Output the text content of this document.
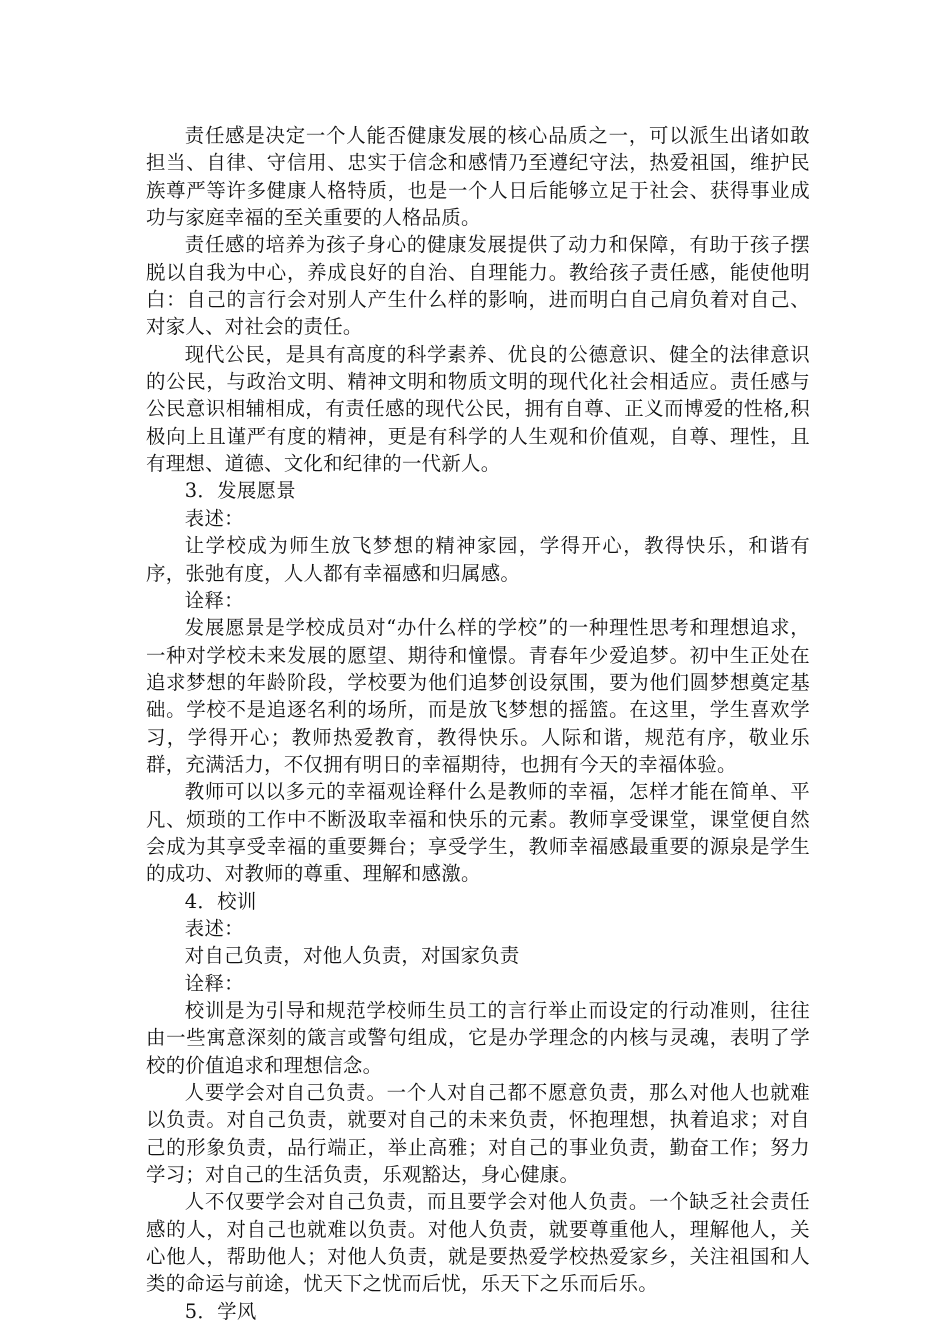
责任感是决定一个人能否健康发展的核心品质之一，可以派生出诸如敢担当、自律、守信用、忠实于信念和感情乃至遵纪守法，热爱祖国，维护民族尊严等许多健康人格特质，也是一个人日后能够立足于社会、获得事业成功与家庭幸福的至关重要的人格品质。

责任感的培养为孩子身心的健康发展提供了动力和保障，有助于孩子摆脱以自我为中心，养成良好的自治、自理能力。教给孩子责任感，能使他明白：自己的言行会对别人产生什么样的影响，进而明白自己肩负着对自己、对家人、对社会的责任。

现代公民，是具有高度的科学素养、优良的公德意识、健全的法律意识的公民，与政治文明、精神文明和物质文明的现代化社会相适应。责任感与公民意识相辅相成，有责任感的现代公民，拥有自尊、正义而博爱的性格,积极向上且谨严有度的精神，更是有科学的人生观和价值观，自尊、理性，且有理想、道德、文化和纪律的一代新人。

3．发展愿景

表述：

让学校成为师生放飞梦想的精神家园，学得开心，教得快乐，和谐有序，张弛有度，人人都有幸福感和归属感。

诠释：

发展愿景是学校成员对“办什么样的学校”的一种理性思考和理想追求，一种对学校未来发展的愿望、期待和憧憬。青春年少爱追梦。初中生正处在追求梦想的年龄阶段，学校要为他们追梦创设氛围，要为他们圆梦想奠定基础。学校不是追逐名利的场所，而是放飞梦想的摇篮。在这里，学生喜欢学习，学得开心；教师热爱教育，教得快乐。人际和谐，规范有序，敬业乐群，充满活力，不仅拥有明日的幸福期待，也拥有今天的幸福体验。

教师可以以多元的幸福观诠释什么是教师的幸福，怎样才能在简单、平凡、烦琐的工作中不断汲取幸福和快乐的元素。教师享受课堂，课堂便自然会成为其享受幸福的重要舞台；享受学生，教师幸福感最重要的源泉是学生的成功、对教师的尊重、理解和感激。

4．校训

表述：

对自己负责，对他人负责，对国家负责

诠释：

校训是为引导和规范学校师生员工的言行举止而设定的行动准则，往往由一些寓意深刻的箴言或警句组成，它是办学理念的内核与灵魂，表明了学校的价值追求和理想信念。

人要学会对自己负责。一个人对自己都不愿意负责，那么对他人也就难以负责。对自己负责，就要对自己的未来负责，怀抱理想，执着追求；对自己的形象负责，品行端正，举止高雅；对自己的事业负责，勤奋工作；努力学习；对自己的生活负责，乐观豁达，身心健康。

人不仅要学会对自己负责，而且要学会对他人负责。一个缺乏社会责任感的人，对自己也就难以负责。对他人负责，就要尊重他人，理解他人，关心他人，帮助他人；对他人负责，就是要热爱学校热爱家乡，关注祖国和人类的命运与前途，忧天下之忧而后忧，乐天下之乐而后乐。

5．学风
